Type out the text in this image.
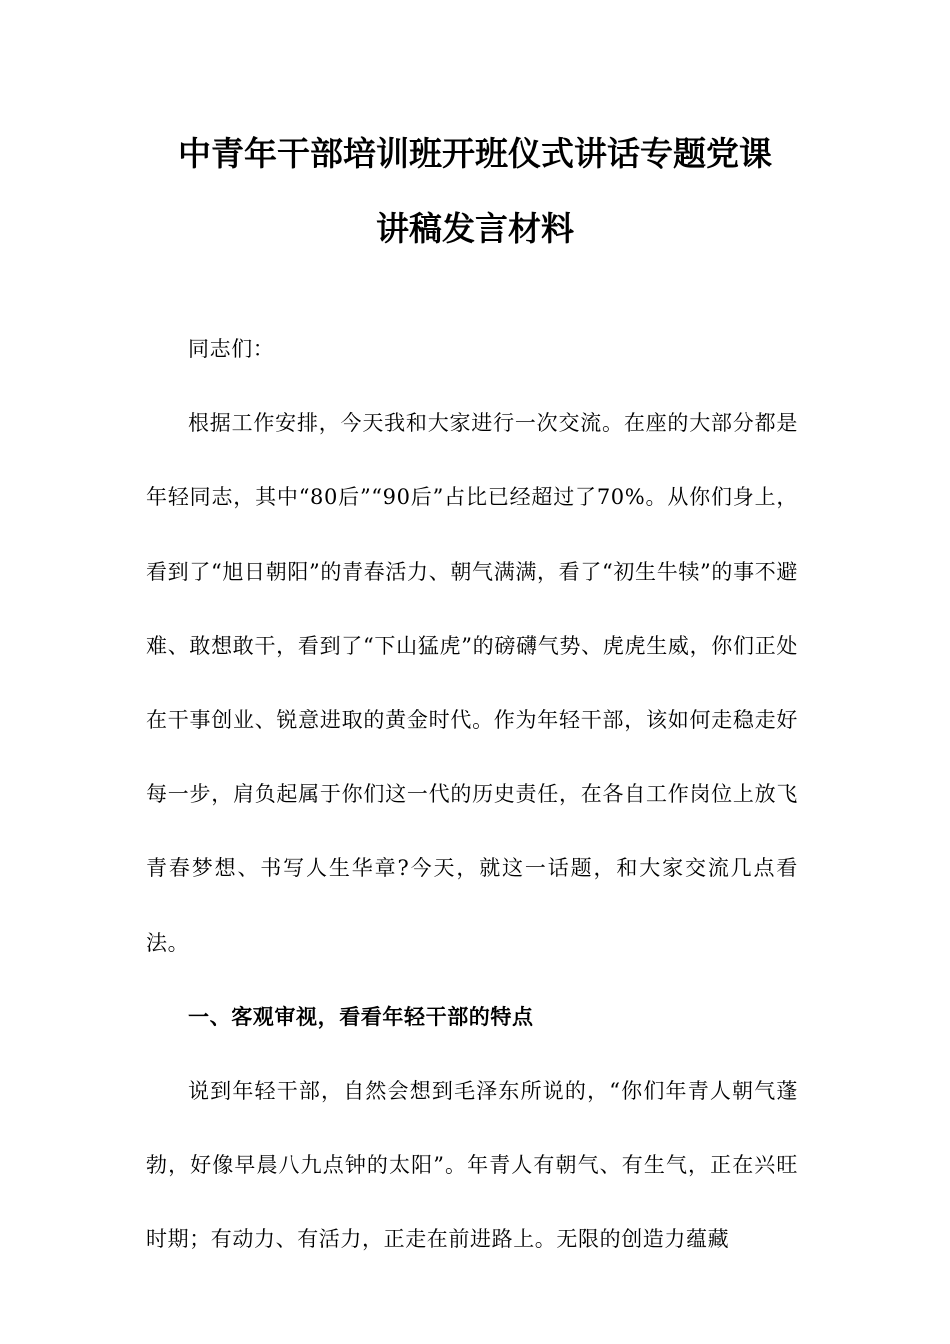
中青年干部培训班开班仪式讲话专题党课
讲稿发言材料

同志们：

根据工作安排，今天我和大家进行一次交流。在座的大部分都是年轻同志，其中“80后”“90后”占比已经超过了70%。从你们身上，看到了“旭日朝阳”的青春活力、朝气满满，看了“初生牛犊”的事不避难、敢想敢干，看到了“下山猛虎”的磅礴气势、虎虎生威，你们正处在干事创业、锐意进取的黄金时代。作为年轻干部，该如何走稳走好每一步，肩负起属于你们这一代的历史责任，在各自工作岗位上放飞青春梦想、书写人生华章?今天，就这一话题，和大家交流几点看法。

一、客观审视，看看年轻干部的特点

说到年轻干部，自然会想到毛泽东所说的，“你们年青人朝气蓬勃，好像早晨八九点钟的太阳”。年青人有朝气、有生气，正在兴旺时期；有动力、有活力，正走在前进路上。无限的创造力蕴藏
